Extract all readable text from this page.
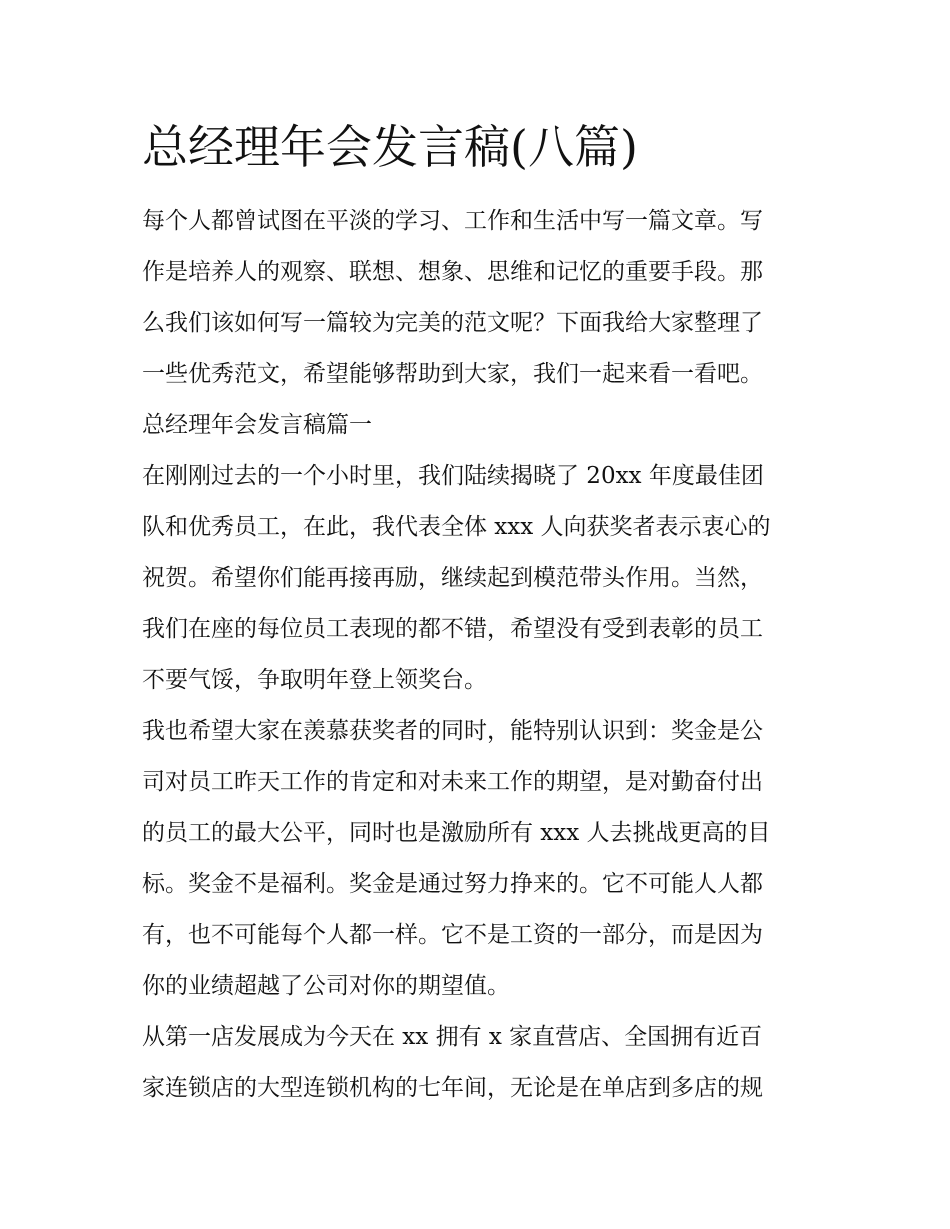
总经理年会发言稿(八篇)
每个人都曾试图在平淡的学习、工作和生活中写一篇文章。写
作是培养人的观察、联想、想象、思维和记忆的重要手段。那
么我们该如何写一篇较为完美的范文呢？下面我给大家整理了
一些优秀范文，希望能够帮助到大家，我们一起来看一看吧。
总经理年会发言稿篇一
在刚刚过去的一个小时里，我们陆续揭晓了 20xx 年度最佳团
队和优秀员工，在此，我代表全体 xxx 人向获奖者表示衷心的
祝贺。希望你们能再接再励，继续起到模范带头作用。当然，
我们在座的每位员工表现的都不错，希望没有受到表彰的员工
不要气馁，争取明年登上领奖台。
我也希望大家在羡慕获奖者的同时，能特别认识到：奖金是公
司对员工昨天工作的肯定和对未来工作的期望，是对勤奋付出
的员工的最大公平，同时也是激励所有 xxx 人去挑战更高的目
标。奖金不是福利。奖金是通过努力挣来的。它不可能人人都
有，也不可能每个人都一样。它不是工资的一部分，而是因为
你的业绩超越了公司对你的期望值。
从第一店发展成为今天在 xx 拥有 x 家直营店、全国拥有近百
家连锁店的大型连锁机构的七年间，无论是在单店到多店的规
